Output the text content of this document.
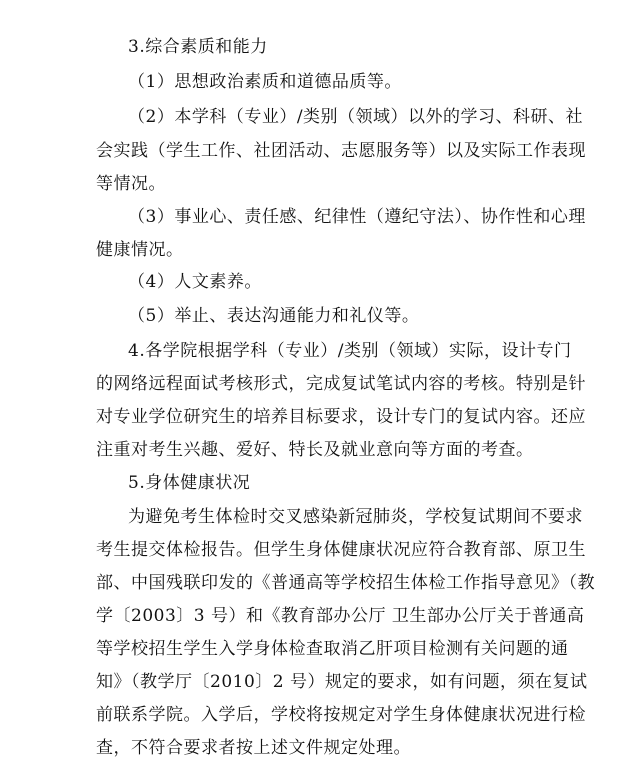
3.综合素质和能力
（1）思想政治素质和道德品质等。
（2）本学科（专业）/类别（领域）以外的学习、科研、社
会实践（学生工作、社团活动、志愿服务等）以及实际工作表现
等情况。
（3）事业心、责任感、纪律性（遵纪守法）、协作性和心理
健康情况。
（4）人文素养。
（5）举止、表达沟通能力和礼仪等。
4.各学院根据学科（专业）/类别（领域）实际，设计专门
的网络远程面试考核形式，完成复试笔试内容的考核。特别是针
对专业学位研究生的培养目标要求，设计专门的复试内容。还应
注重对考生兴趣、爱好、特长及就业意向等方面的考查。
5.身体健康状况
为避免考生体检时交叉感染新冠肺炎，学校复试期间不要求
考生提交体检报告。但学生身体健康状况应符合教育部、原卫生
部、中国残联印发的《普通高等学校招生体检工作指导意见》（教
学〔2003〕3 号）和《教育部办公厅 卫生部办公厅关于普通高
等学校招生学生入学身体检查取消乙肝项目检测有关问题的通
知》（教学厅〔2010〕2 号）规定的要求，如有问题，须在复试
前联系学院。入学后，学校将按规定对学生身体健康状况进行检
查，不符合要求者按上述文件规定处理。
